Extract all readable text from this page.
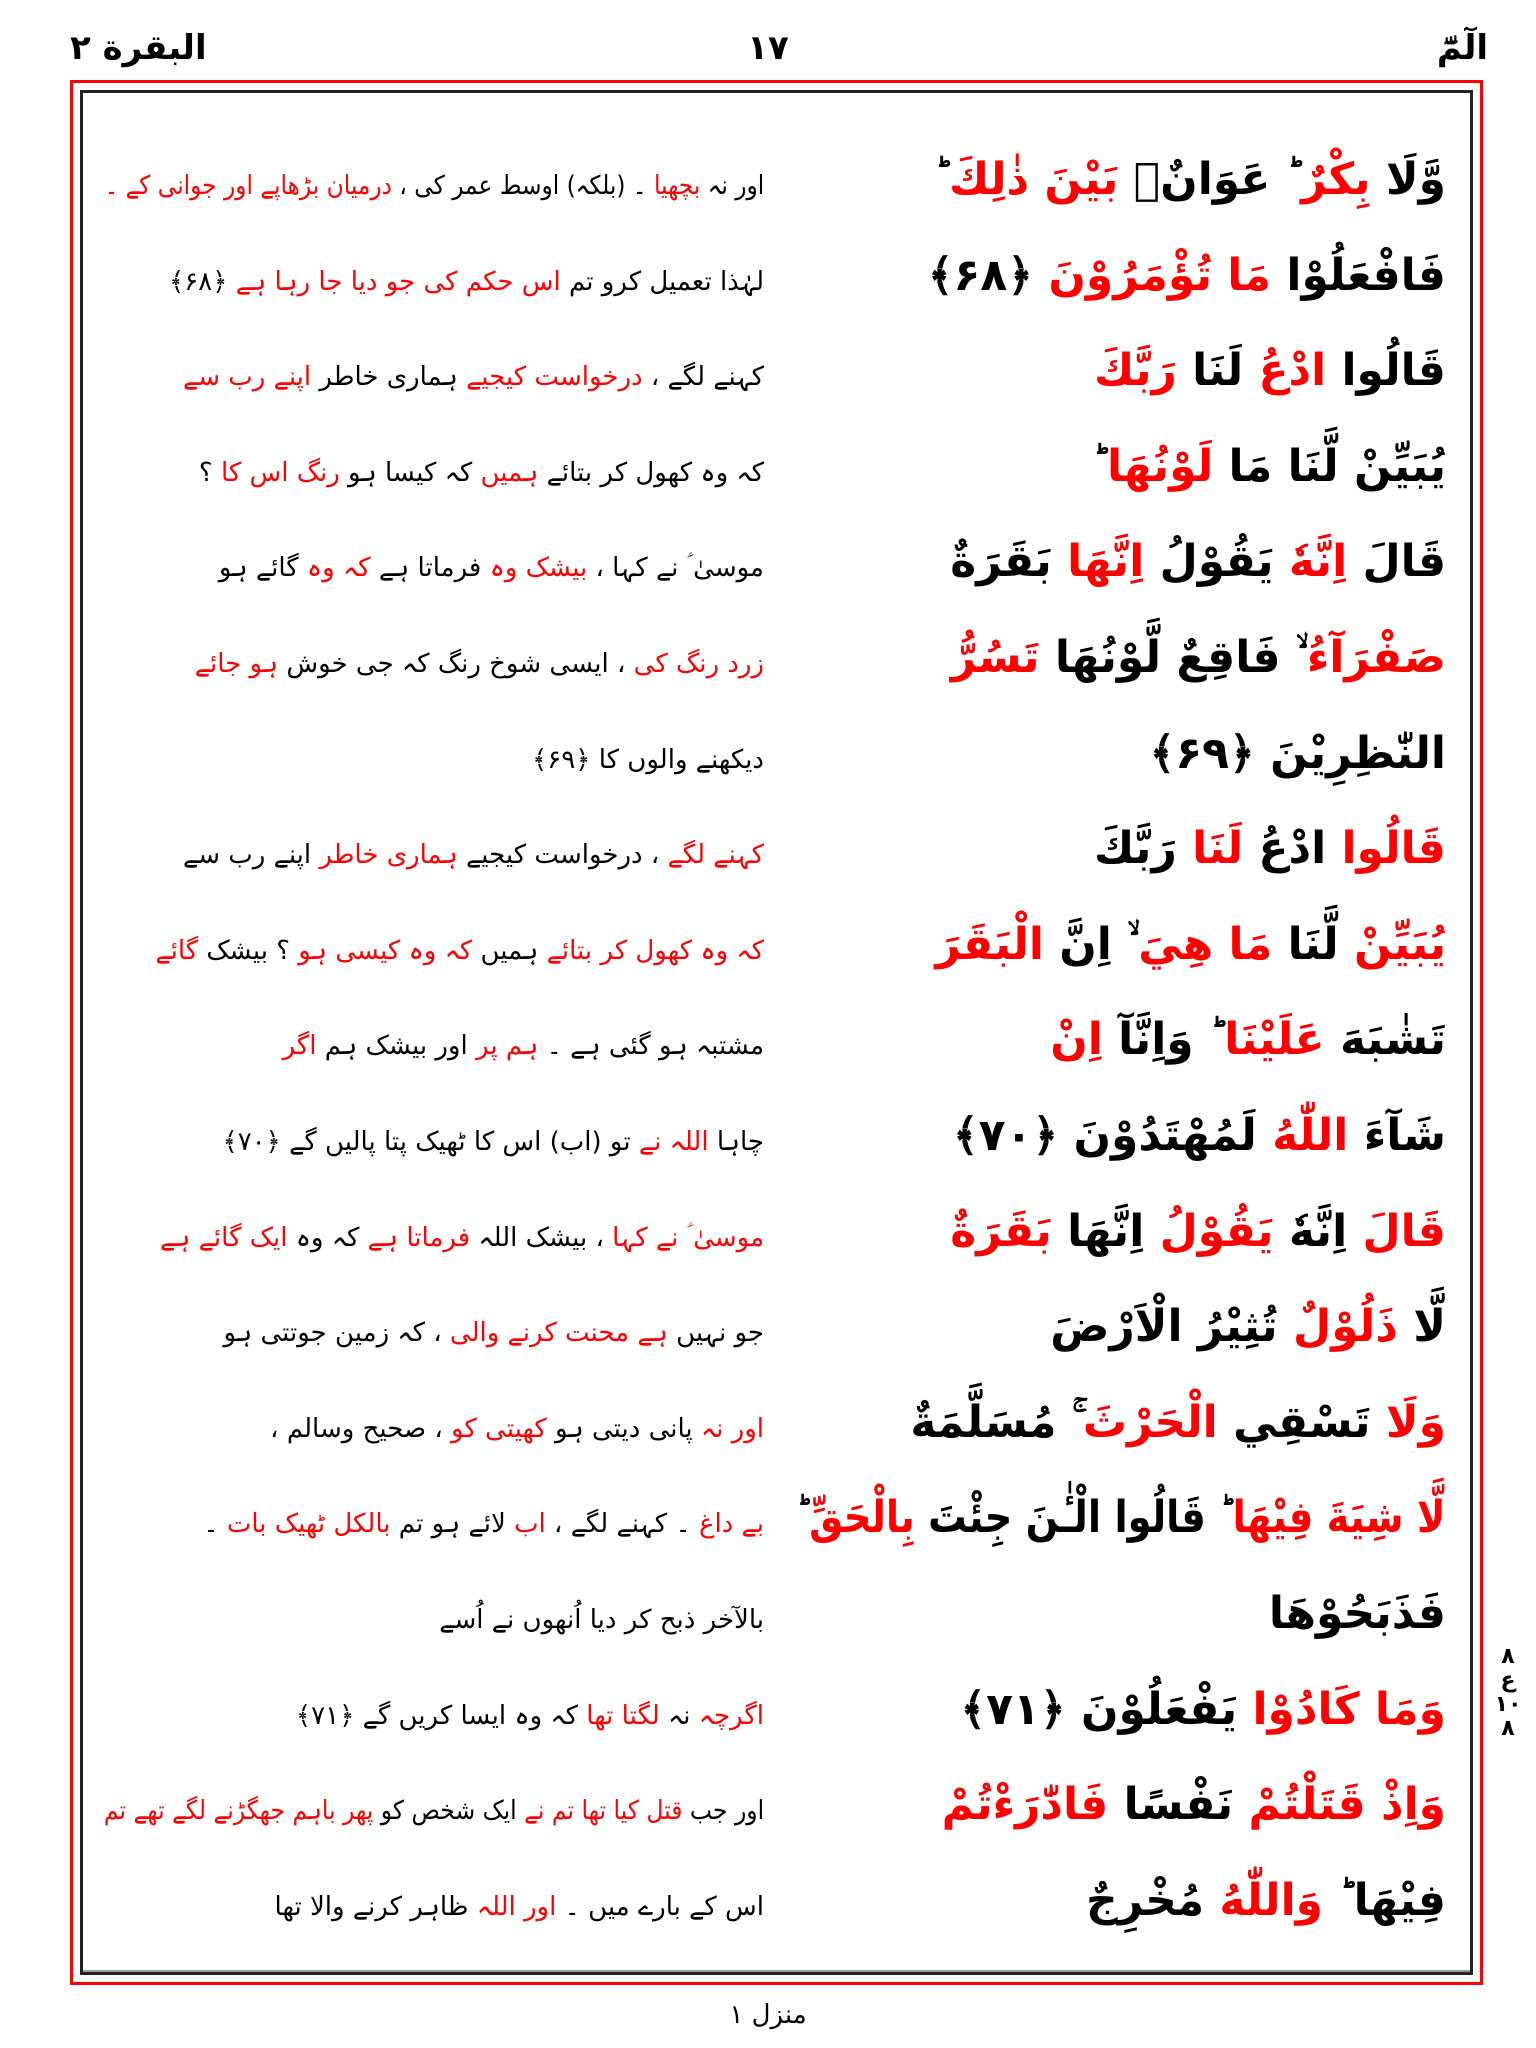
الٓمّٓ
١٧
البقرة ٢
وَّلَا بِكْرٌ ؕ عَوَانٌۢ بَيْنَ ذٰلِكَ ؕ
اور نہ بچھیا ۔ (بلکہ) اوسط عمر کی ، درمیان بڑھاپے اور جوانی کے ۔
فَافْعَلُوْا مَا تُؤْمَرُوْنَ ﴿۶۸﴾
لہٰذا تعمیل کرو تم اس حکم کی جو دیا جا رہا ہے ﴿۶۸﴾
قَالُوا ادْعُ لَنَا رَبَّكَ
کہنے لگے ، درخواست کیجیے ہماری خاطر اپنے رب سے
يُبَيِّنْ لَّنَا مَا لَوْنُهَا ؕ
کہ وہ کھول کر بتائے ہمیں کہ کیسا ہو رنگ اس کا ؟
قَالَ اِنَّهٗ يَقُوْلُ اِنَّهَا بَقَرَةٌ
موسیٰ ؑ نے کہا ، بیشک وہ فرماتا ہے کہ وہ گائے ہو
صَفْرَآءُ ۙ فَاقِعٌ لَّوْنُهَا تَسُرُّ
زرد رنگ کی ، ایسی شوخ رنگ کہ جی خوش ہو جائے
النّٰظِرِيْنَ ﴿۶۹﴾
دیکھنے والوں کا ﴿۶۹﴾
قَالُوا ادْعُ لَنَا رَبَّكَ
کہنے لگے ، درخواست کیجیے ہماری خاطر اپنے رب سے
يُبَيِّنْ لَّنَا مَا هِيَ ۙ اِنَّ الْبَقَرَ
کہ وہ کھول کر بتائے ہمیں کہ وہ کیسی ہو ؟ بیشک گائے
تَشٰبَهَ عَلَيْنَا ؕ وَاِنَّآ اِنْ
مشتبہ ہو گئی ہے ۔ ہم پر اور بیشک ہم اگر
شَآءَ اللّٰهُ لَمُهْتَدُوْنَ ﴿۷۰﴾
چاہا اللہ نے تو (اب) اس کا ٹھیک پتا پالیں گے ﴿۷۰﴾
قَالَ اِنَّهٗ يَقُوْلُ اِنَّهَا بَقَرَةٌ
موسیٰ ؑ نے کہا ، بیشک اللہ فرماتا ہے کہ وہ ایک گائے ہے
لَّا ذَلُوْلٌ تُثِيْرُ الْاَرْضَ
جو نہیں ہے محنت کرنے والی ، کہ زمین جوتتی ہو
وَلَا تَسْقِي الْحَرْثَ ۚ مُسَلَّمَةٌ
اور نہ پانی دیتی ہو کھیتی کو ، صحیح وسالم ،
لَّا شِيَةَ فِيْهَا ؕ قَالُوا الْـٰٔنَ جِئْتَ بِالْحَقِّ ؕ
بے داغ ۔ کہنے لگے ، اب لائے ہو تم بالکل ٹھیک بات ۔
فَذَبَحُوْهَا
بالآخر ذبح کر دیا اُنھوں نے اُسے
وَمَا كَادُوْا يَفْعَلُوْنَ ﴿۷۱﴾
اگرچہ نہ لگتا تھا کہ وہ ایسا کریں گے ﴿۷۱﴾
وَاِذْ قَتَلْتُمْ نَفْسًا فَادّٰرَءْتُمْ
اور جب قتل کیا تھا تم نے ایک شخص کو پھر باہم جھگڑنے لگے تھے تم
فِيْهَا ؕ وَاللّٰهُ مُخْرِجٌ
اس کے بارے میں ۔ اور اللہ ظاہر کرنے والا تھا
٨
ع
١٠
٨
منزل ١
